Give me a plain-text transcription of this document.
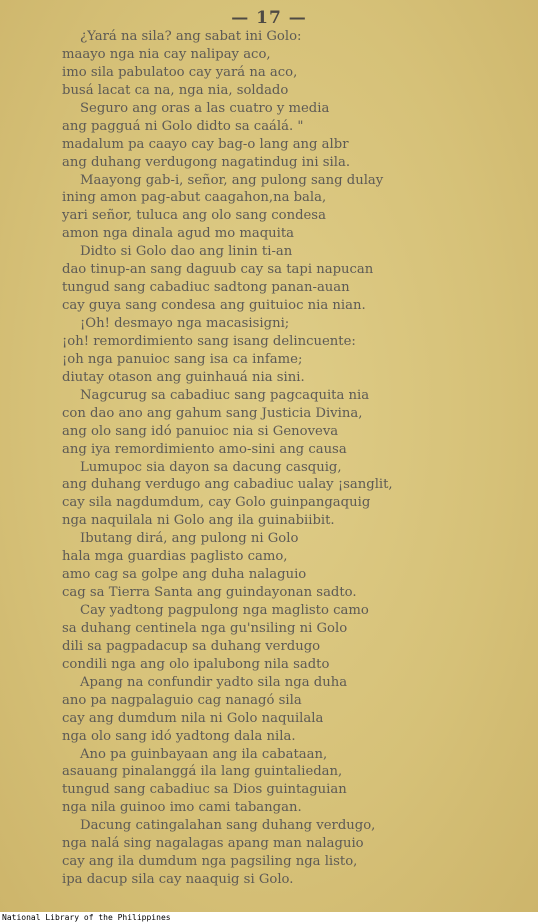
— 17 —
¿Yará na sila? ang sabat ini Golo:
maayo nga nia cay nalipay aco,
imo sila pabulatoo cay yará na aco,
busá lacat ca na, nga nia, soldado
Seguro ang oras a las cuatro y media
ang pagguá ni Golo didto sa caálá. "
madalum pa caayo cay bag-o lang ang albr
ang duhang verdugong nagatindug ini sila.
Maayong gab-i, señor, ang pulong sang dulay
ining amon pag-abut caagahon,na bala,
yari señor, tuluca ang olo sang condesa
amon nga dinala agud mo maquita
Didto si Golo dao ang linin ti-an
dao tinup-an sang daguub cay sa tapi napucan
tungud sang cabadiuc sadtong panan-auan
cay guya sang condesa ang guituioc nia nian.
¡Oh! desmayo nga macasisigni;
¡oh! remordimiento sang isang delincuente:
¡oh nga panuioc sang isa ca infame;
diutay otason ang guinhauá nia sini.
Nagcurug sa cabadiuc sang pagcaquita nia
con dao ano ang gahum sang Justicia Divina,
ang olo sang idó panuioc nia si Genoveva
ang iya remordimiento amo-sini ang causa
Lumupoc sia dayon sa dacung casquig,
ang duhang verdugo ang cabadiuc ualay ¡sanglit,
cay sila nagdumdum, cay Golo guinpangaquig
nga naquilala ni Golo ang ila guinabiibit.
Ibutang dirá, ang pulong ni Golo
hala mga guardias paglisto camo,
amo cag sa golpe ang duha nalaguio
cag sa Tierra Santa ang guindayonan sadto.
Cay yadtong pagpulong nga maglisto camo
sa duhang centinela nga gu'nsiling ni Golo
dili sa pagpadacup sa duhang verdugo
condili nga ang olo ipalubong nila sadto
Apang na confundir yadto sila nga duha
ano pa nagpalaguio cag nanagó sila
cay ang dumdum nila ni Golo naquilala
nga olo sang idó yadtong dala nila.
Ano pa guinbayaan ang ila cabataan,
asauang pinalanggá ila lang guintaliedan,
tungud sang cabadiuc sa Dios guintaguian
nga nila guinoo imo cami tabangan.
Dacung catingalahan sang duhang verdugo,
nga nalá sing nagalagas apang man nalaguio
cay ang ila dumdum nga pagsiling nga listo,
ipa dacup sila cay naaquig si Golo.
National Library of the Philippines
